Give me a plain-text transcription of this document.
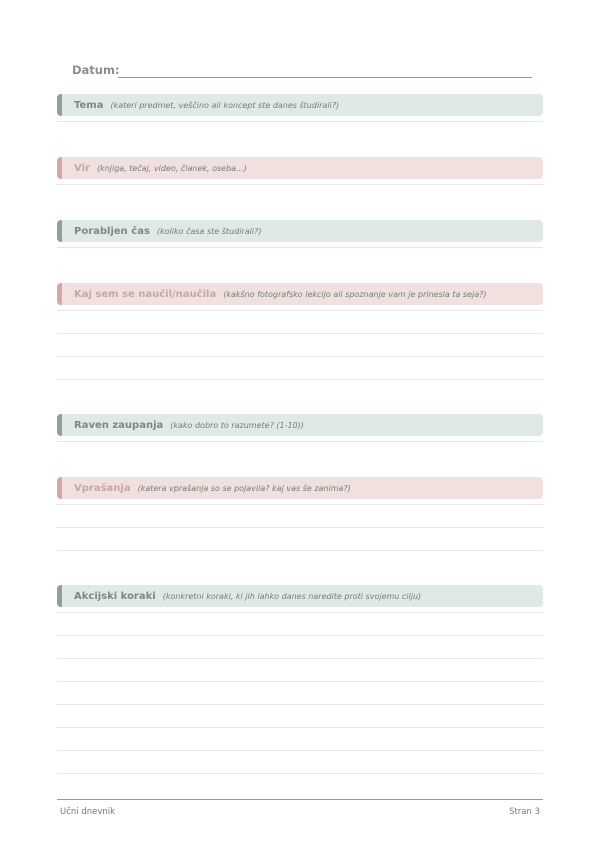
Datum:
Tema (kateri predmet, veščino ali koncept ste danes študirali?)
Vir (knjiga, tečaj, video, članek, oseba...)
Porabljen čas (koliko časa ste študirali?)
Kaj sem se naučil/naučila (kakšno fotografsko lekcijo ali spoznanje vam je prinesla ta seja?)
Raven zaupanja (kako dobro to razumete? (1-10))
Vprašanja (katera vprašanja so se pojavila? kaj vas še zanima?)
Akcijski koraki (konkretni koraki, ki jih lahko danes naredite proti svojemu cilju)
Učni dnevnik	Stran 3
